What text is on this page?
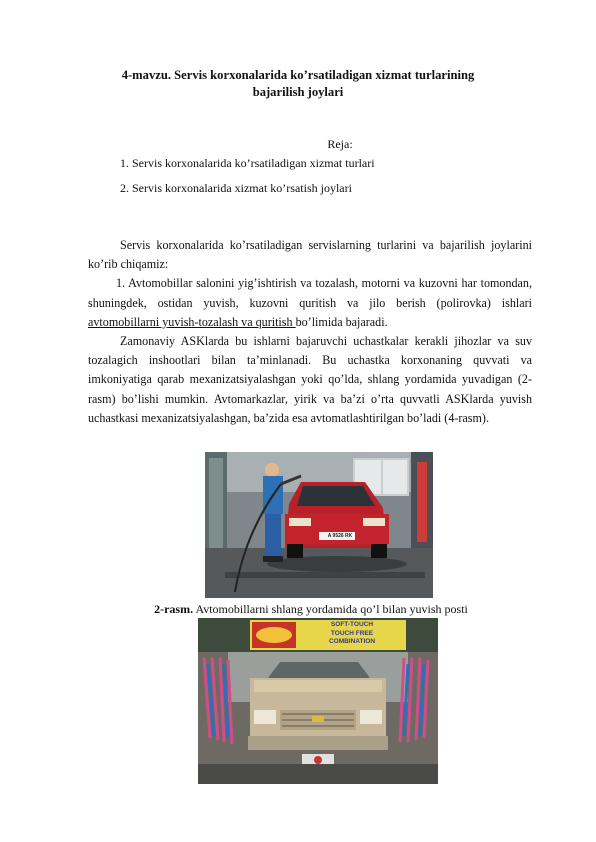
4-mavzu. Servis korxonalarida ko’rsatiladigan xizmat turlarining
bajarilish joylari
Reja:
1. Servis korxonalarida ko’rsatiladigan xizmat turlari
2. Servis korxonalarida xizmat ko’rsatish joylari

Servis korxonalarida ko’rsatiladigan servislarning turlarini va bajarilish joylarini ko’rib chiqamiz:

1. Avtomobillar salonini yig’ishtirish va tozalash, motorni va kuzovni har tomondan, shuningdek, ostidan yuvish, kuzovni quritish va jilo berish (polirovka) ishlari avtomobillarni yuvish-tozalash va quritish bo’limida bajaradi.

Zamonaviy ASKlarda bu ishlarni bajaruvchi uchastkalar kerakli jihozlar va suv tozalagich inshootlari bilan ta’minlanadi. Bu uchastka korxonaning quvvati va imkoniyatiga qarab mexanizatsiyalashgan yoki qo’lda, shlang yordamida yuvadigan (2-rasm) bo’lishi mumkin. Avtomarkazlar, yirik va ba’zi o’rta quvvatli ASKlarda yuvish uchastkasi mexanizatsiyalashgan, ba’zida esa avtomatlashtirilgan bo’ladi (4-rasm).

A 9526 RK
2-rasm. Avtomobillarni shlang yordamida qo’l bilan yuvish posti
SOFT-TOUCH
TOUCH FREE
COMBINATION
